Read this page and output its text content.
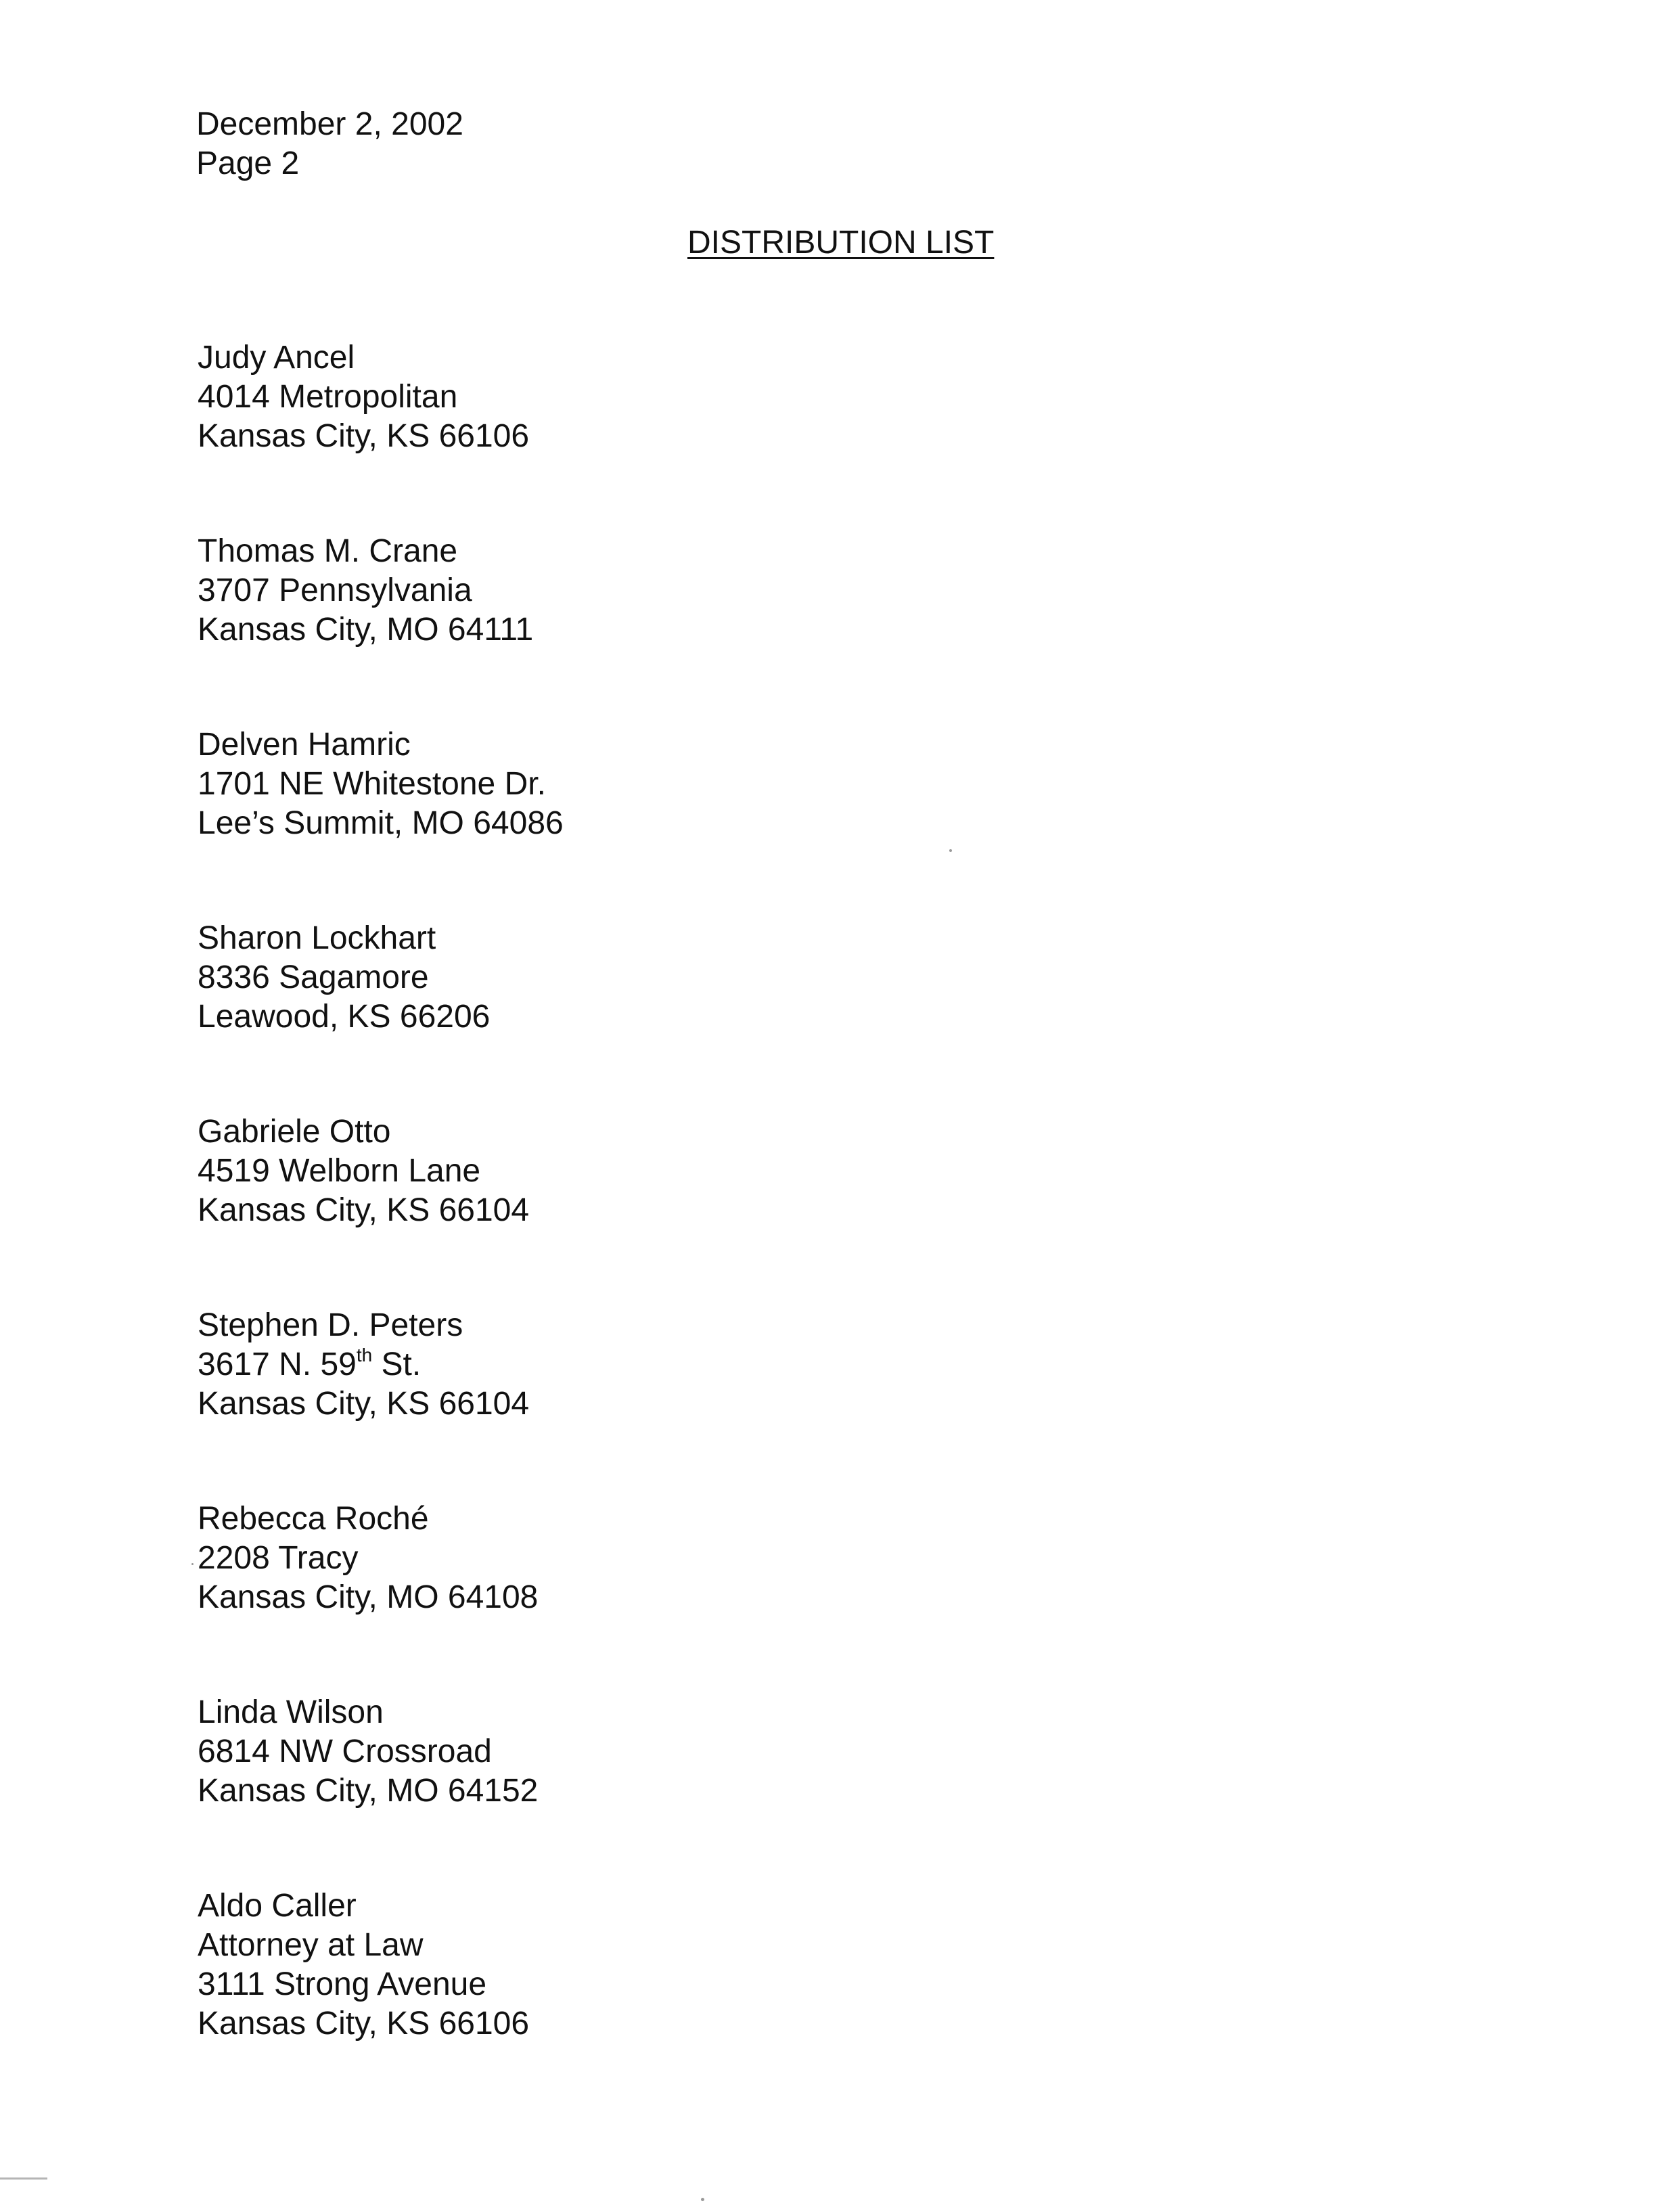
December 2, 2002
Page 2
DISTRIBUTION LIST
Judy Ancel
4014 Metropolitan
Kansas City, KS 66106
Thomas M. Crane
3707 Pennsylvania
Kansas City, MO 64111
Delven Hamric
1701 NE Whitestone Dr.
Lee’s Summit, MO 64086
Sharon Lockhart
8336 Sagamore
Leawood, KS 66206
Gabriele Otto
4519 Welborn Lane
Kansas City, KS 66104
Stephen D. Peters
3617 N. 59th St.
Kansas City, KS 66104
Rebecca Roché
2208 Tracy
Kansas City, MO 64108
Linda Wilson
6814 NW Crossroad
Kansas City, MO 64152
Aldo Caller
Attorney at Law
3111 Strong Avenue
Kansas City, KS 66106
